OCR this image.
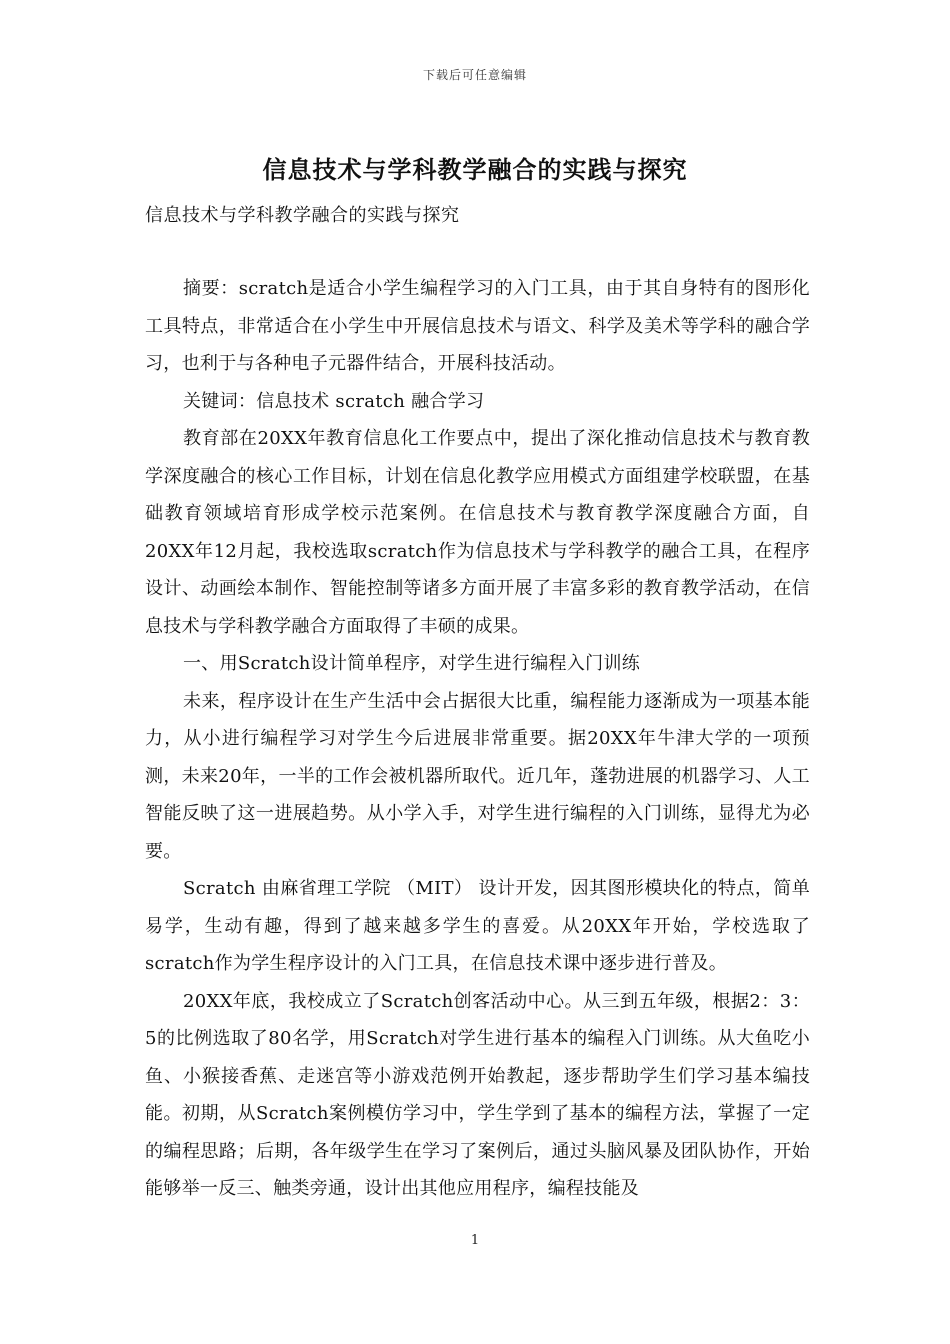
下载后可任意编辑
信息技术与学科教学融合的实践与探究
信息技术与学科教学融合的实践与探究

摘要：scratch是适合小学生编程学习的入门工具，由于其自身特有的图形化工具特点，非常适合在小学生中开展信息技术与语文、科学及美术等学科的融合学习，也利于与各种电子元器件结合，开展科技活动。

关键词：信息技术 scratch 融合学习

教育部在20XX年教育信息化工作要点中，提出了深化推动信息技术与教育教学深度融合的核心工作目标，计划在信息化教学应用模式方面组建学校联盟，在基础教育领域培育形成学校示范案例。在信息技术与教育教学深度融合方面，自20XX年12月起，我校选取scratch作为信息技术与学科教学的融合工具，在程序设计、动画绘本制作、智能控制等诸多方面开展了丰富多彩的教育教学活动，在信息技术与学科教学融合方面取得了丰硕的成果。

一、用Scratch设计简单程序，对学生进行编程入门训练

未来，程序设计在生产生活中会占据很大比重，编程能力逐渐成为一项基本能力，从小进行编程学习对学生今后进展非常重要。据20XX年牛津大学的一项预测，未来20年，一半的工作会被机器所取代。近几年，蓬勃进展的机器学习、人工智能反映了这一进展趋势。从小学入手，对学生进行编程的入门训练，显得尤为必要。

Scratch 由麻省理工学院 （MIT） 设计开发，因其图形模块化的特点，简单易学，生动有趣，得到了越来越多学生的喜爱。从20XX年开始，学校选取了scratch作为学生程序设计的入门工具，在信息技术课中逐步进行普及。

20XX年底，我校成立了Scratch创客活动中心。从三到五年级，根据2：3：5的比例选取了80名学，用Scratch对学生进行基本的编程入门训练。从大鱼吃小鱼、小猴接香蕉、走迷宫等小游戏范例开始教起，逐步帮助学生们学习基本编技能。初期，从Scratch案例模仿学习中，学生学到了基本的编程方法，掌握了一定的编程思路；后期，各年级学生在学习了案例后，通过头脑风暴及团队协作，开始能够举一反三、触类旁通，设计出其他应用程序，编程技能及

1
